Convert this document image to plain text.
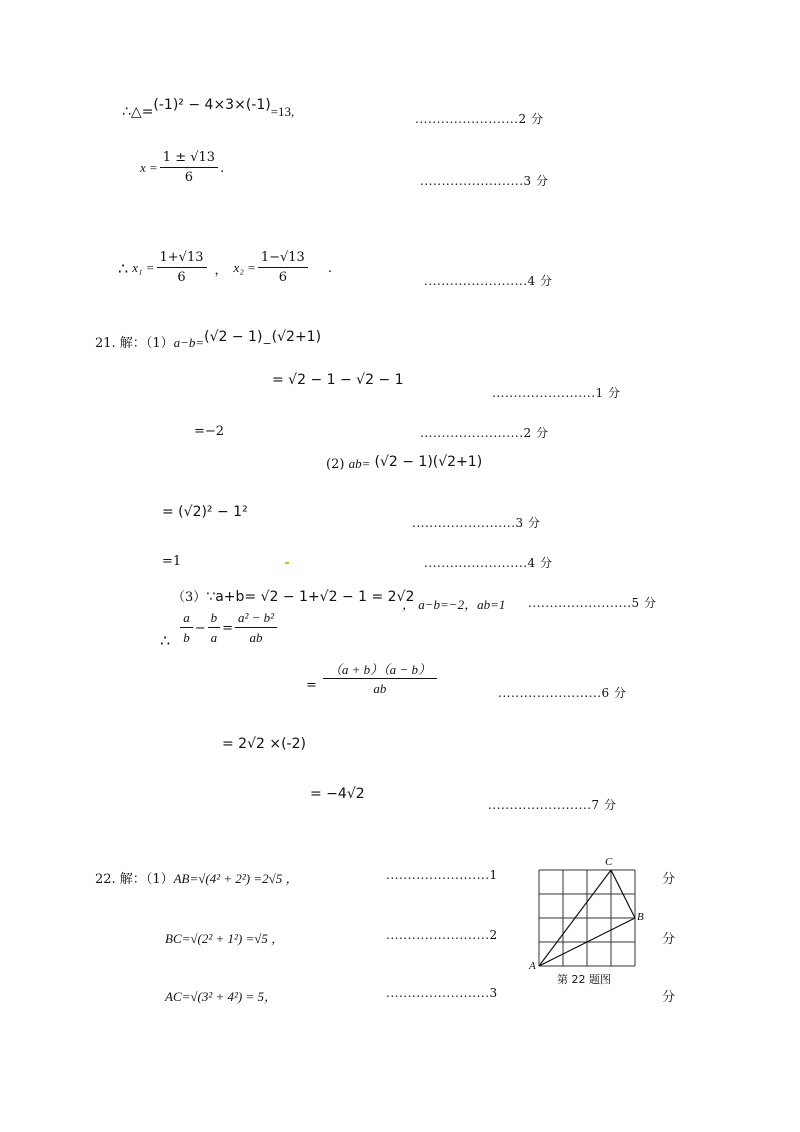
∴△=(-1)² − 4×3×(-1)=13,	........................2 分
$x = \frac{1 \pm √13}{6}$ .
........................3 分
∴ $x_1 = \frac{1+√13}{6}$ ， $x_2 = \frac{1-√13}{6}$ .
........................4 分
21. 解：（1）a−b=(√2 − 1)−(√2+1)
= √2 − 1 − √2 − 1
........................1 分
=−2	........................2 分
(2) ab= (√2 − 1)(√2+1)
= (√2)² − 1²
........................3 分
=1	........................4 分
（3）∵a+b= √2 − 1+√2 − 1 = 2√2
， a−b=−2，ab=1 ........................5 分
∴ $\frac{a}{b} - \frac{b}{a} = \frac{\text{a² − b²}}{ab}$
= $\frac{(a + b)(a - b)}{ab}$	........................6 分
= 2√2 ×(-2)
= −4√2
........................7 分
22. 解：（1）AB=√(4² + 2²) =2√5 ，	........................1
BC=√(2² + 1²) =√5 ，	........................2
AC=√(3² + 4²) = 5，	........................3
分
分
分
C
B
A
第 22 题图
